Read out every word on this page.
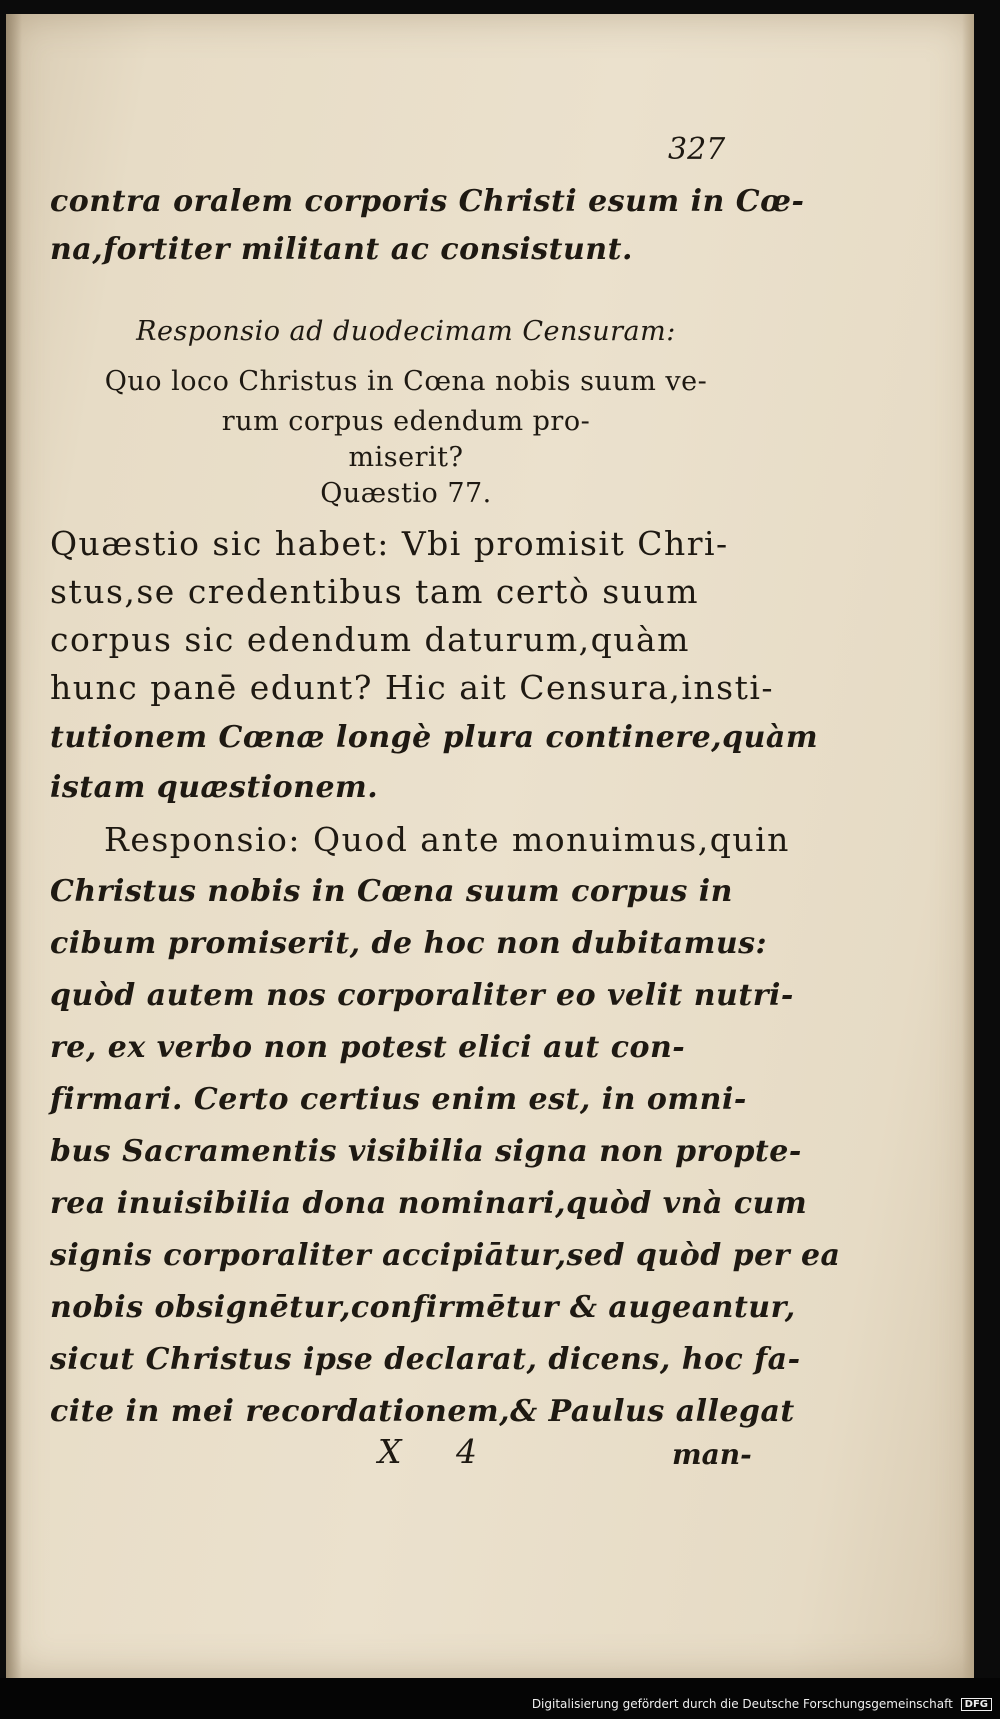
327
contra oralem corporis Christi esum in Cœ-
na,fortiter militant ac consistunt.
Responsio ad duodecimam Censuram:
Quo loco Christus in Cœna nobis suum ve-
rum corpus edendum pro-
miserit?
Quæstio 77.
Quæstio sic habet: Vbi promisit Chri-
stus,se credentibus tam certò suum
corpus sic edendum daturum,quàm
hunc panē edunt? Hic ait Censura,insti-
tutionem Cœnæ longè plura continere,quàm
istam quæstionem.
Responsio: Quod ante monuimus,quin
Christus nobis in Cœna suum corpus in
cibum promiserit, de hoc non dubitamus:
quòd autem nos corporaliter eo velit nutri-
re, ex verbo non potest elici aut con-
firmari. Certo certius enim est, in omni-
bus Sacramentis visibilia signa non propte-
rea inuisibilia dona nominari,quòd vnà cum
signis corporaliter accipiātur,sed quòd per ea
nobis obsignētur,confirmētur & augeantur,
sicut Christus ipse declarat, dicens, hoc fa-
cite in mei recordationem,& Paulus allegat
X 4	man-
Digitalisierung gefördert durch die Deutsche Forschungsgemeinschaft DFG
